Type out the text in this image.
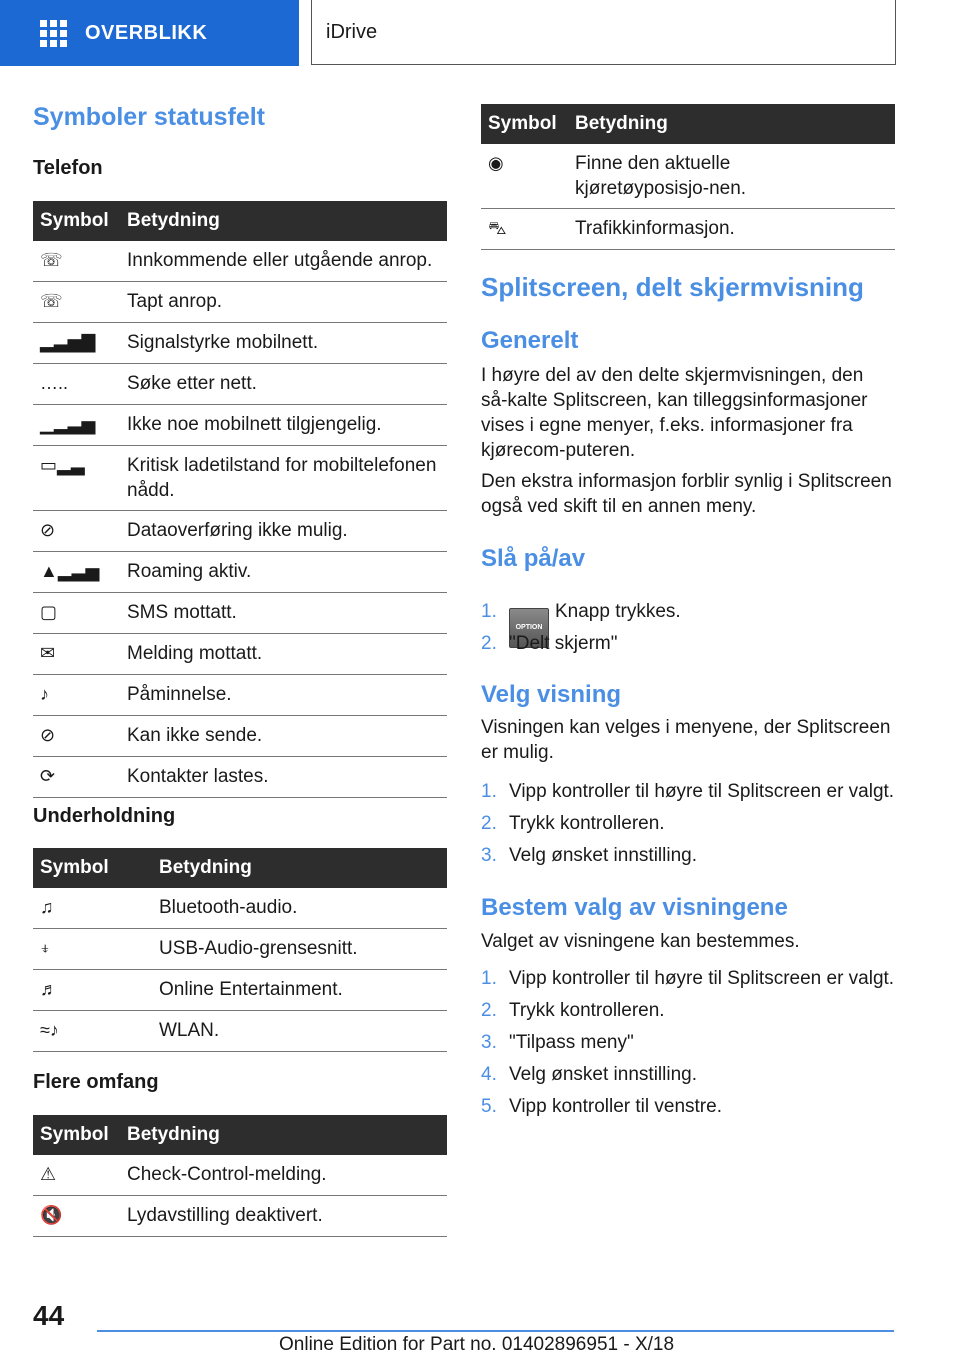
OVERBLIKK	iDrive
Symboler statusfelt
Telefon
Symbol	Betydning
☏	Innkommende eller utgående anrop.
☏	Tapt anrop.
▂▃▅▇	Signalstyrke mobilnett.
…..	Søke etter nett.
▁▂▃▅	Ikke noe mobilnett tilgjengelig.
▭▂▃	Kritisk ladetilstand for mobiltelefonen nådd.
⊘	Dataoverføring ikke mulig.
▲▂▃▅	Roaming aktiv.
▢	SMS mottatt.
✉	Melding mottatt.
♪	Påminnelse.
⊘	Kan ikke sende.
⟳	Kontakter lastes.
Underholdning
Symbol	Betydning
♫	Bluetooth-audio.
⍖	USB-Audio-grensesnitt.
♬	Online Entertainment.
≈♪	WLAN.
Flere omfang
Symbol	Betydning
⚠	Check-Control-melding.
🔇	Lydavstilling deaktivert.
Symbol	Betydning
◉	Finne den aktuelle kjøretøyposisjo‑nen.
⛍	Trafikkinformasjon.
Splitscreen, delt skjermvisning
Generelt
I høyre del av den delte skjermvisningen, den så‑kalte Splitscreen, kan tilleggsinformasjoner vises i egne menyer, f.eks. informasjoner fra kjørecom‑puteren.
Den ekstra informasjon forblir synlig i Splitscreen også ved skift til en annen meny.
Slå på/av
1.
OPTIONKnapp trykkes.
2. "Delt skjerm"
Velg visning
Visningen kan velges i menyene, der Splitscreen er mulig.
1. Vipp kontroller til høyre til Splitscreen er valgt.
2. Trykk kontrolleren.
3. Velg ønsket innstilling.
Bestem valg av visningene
Valget av visningene kan bestemmes.
1. Vipp kontroller til høyre til Splitscreen er valgt.
2. Trykk kontrolleren.
3. "Tilpass meny"
4. Velg ønsket innstilling.
5. Vipp kontroller til venstre.
44
Online Edition for Part no. 01402896951 - X/18
